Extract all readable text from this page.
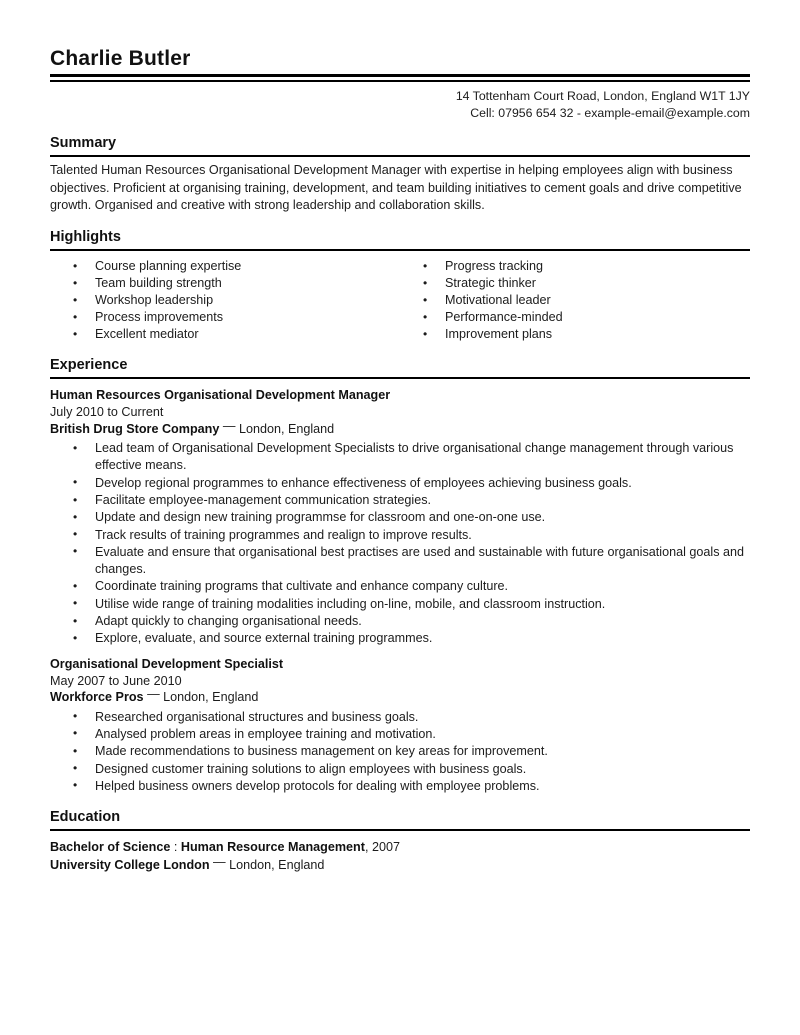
Charlie Butler
14 Tottenham Court Road, London, England W1T 1JY
Cell: 07956 654 32 - example-email@example.com
Summary

Talented Human Resources Organisational Development Manager with expertise in helping employees align with business objectives. Proficient at organising training, development, and team building initiatives to cement goals and drive competitive growth. Organised and creative with strong leadership and collaboration skills.

Highlights
• Course planning expertise
• Team building strength
• Workshop leadership
• Process improvements
• Excellent mediator
• Progress tracking
• Strategic thinker
• Motivational leader
• Performance-minded
• Improvement plans
Experience
Human Resources Organisational Development Manager
July 2010 to Current
British Drug Store Company — London, England
• Lead team of Organisational Development Specialists to drive organisational change management through various effective means.
• Develop regional programmes to enhance effectiveness of employees achieving business goals.
• Facilitate employee-management communication strategies.
• Update and design new training programmse for classroom and one-on-one use.
• Track results of training programmes and realign to improve results.
• Evaluate and ensure that organisational best practises are used and sustainable with future organisational goals and changes.
• Coordinate training programs that cultivate and enhance company culture.
• Utilise wide range of training modalities including on-line, mobile, and classroom instruction.
• Adapt quickly to changing organisational needs.
• Explore, evaluate, and source external training programmes.
Organisational Development Specialist
May 2007 to June 2010
Workforce Pros — London, England
• Researched organisational structures and business goals.
• Analysed problem areas in employee training and motivation.
• Made recommendations to business management on key areas for improvement.
• Designed customer training solutions to align employees with business goals.
• Helped business owners develop protocols for dealing with employee problems.
Education
Bachelor of Science : Human Resource Management, 2007
University College London — London, England
